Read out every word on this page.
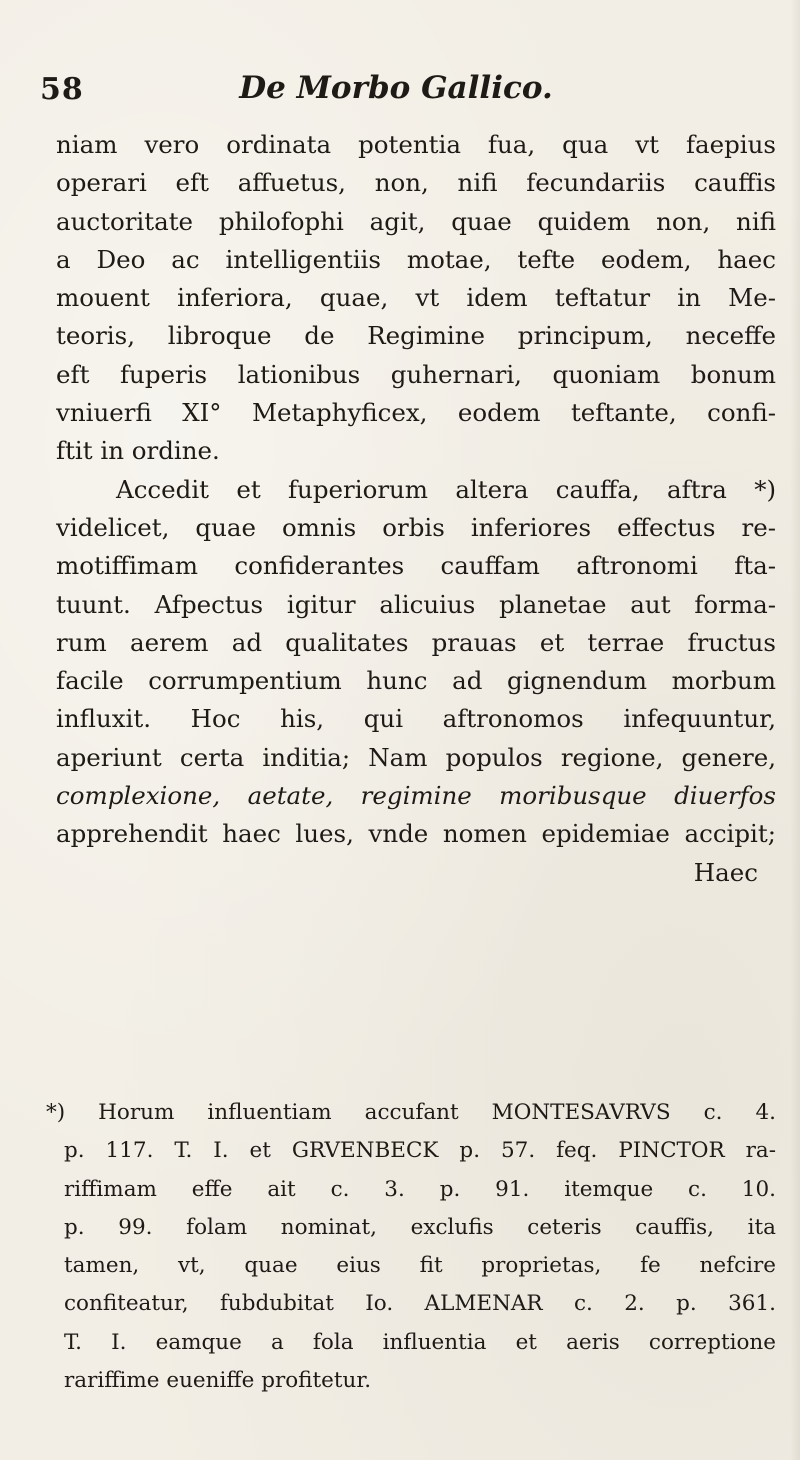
58	De Morbo Gallico.
niam vero ordinata potentia fua, qua vt faepius
operari eft affuetus, non, nifi fecundariis cauffis
auctoritate philofophi agit, quae quidem non, nifi
a Deo ac intelligentiis motae, tefte eodem, haec
mouent inferiora, quae, vt idem teftatur in Me-
teoris, libroque de Regimine principum, neceffe
eft fuperis lationibus guhernari, quoniam bonum
vniuerfi XI° Metaphyficex, eodem teftante, confi-
ftit in ordine.
Accedit et fuperiorum altera cauffa, aftra *)
videlicet, quae omnis orbis inferiores effectus re-
motiffimam confiderantes cauffam aftronomi fta-
tuunt. Afpectus igitur alicuius planetae aut forma-
rum aerem ad qualitates prauas et terrae fructus
facile corrumpentium hunc ad gignendum morbum
influxit. Hoc his, qui aftronomos infequuntur,
aperiunt certa inditia; Nam populos regione, genere,
complexione, aetate, regimine moribusque diuerfos
apprehendit haec lues, vnde nomen epidemiae accipit;
Haec
*) Horum influentiam accufant MONTESAVRVS c. 4.
p. 117. T. I. et GRVENBECK p. 57. feq. PINCTOR ra-
riffimam effe ait c. 3. p. 91. itemque c. 10.
p. 99. folam nominat, exclufis ceteris cauffis, ita
tamen, vt, quae eius fit proprietas, fe nefcire
confiteatur, fubdubitat Io. ALMENAR c. 2. p. 361.
T. I. eamque a fola influentia et aeris correptione
rariffime eueniffe profitetur.
